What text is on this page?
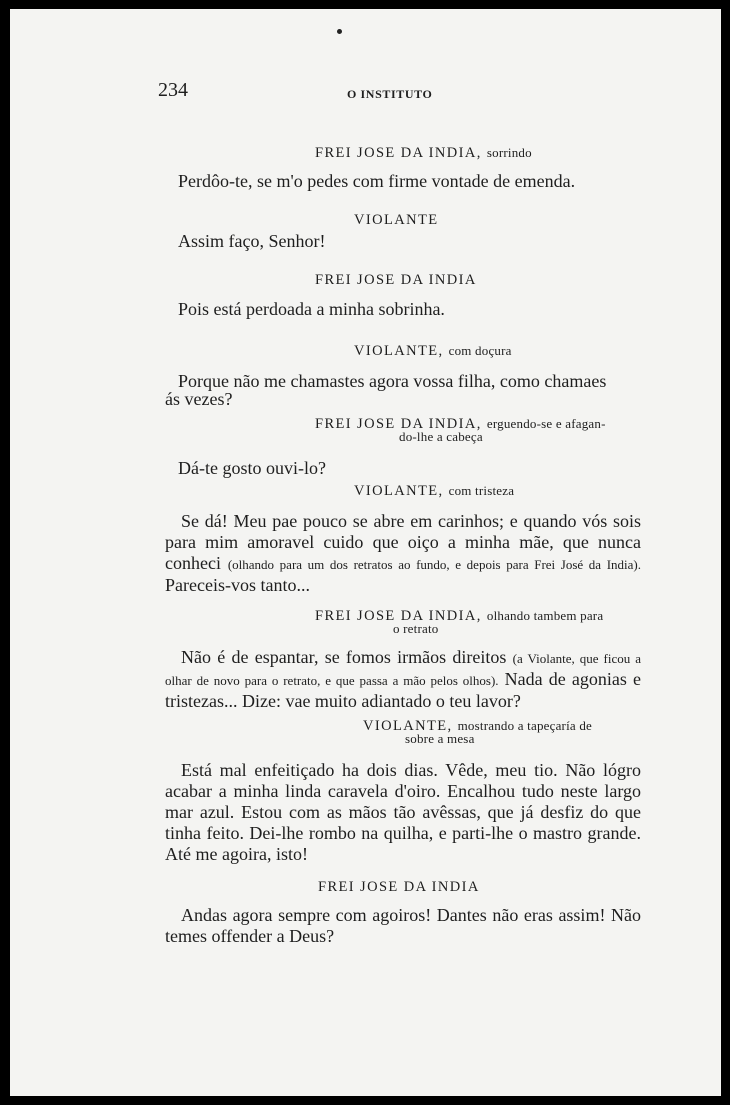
234	O INSTITUTO
FREI JOSE DA INDIA, sorrindo
Perdôo-te, se m'o pedes com firme vontade de emenda.
VIOLANTE
Assim faço, Senhor!
FREI JOSE DA INDIA
Pois está perdoada a minha sobrinha.
VIOLANTE, com doçura
Porque não me chamastes agora vossa filha, como chamaes
ás vezes?
FREI JOSE DA INDIA, erguendo-se e afagan-
do-lhe a cabeça
Dá-te gosto ouvi-lo?
VIOLANTE, com tristeza
Se dá! Meu pae pouco se abre em carinhos; e quando vós sois para mim amoravel cuido que oiço a minha mãe, que nunca conheci (olhando para um dos retratos ao fundo, e depois para Frei José da India). Pareceis-vos tanto...
FREI JOSE DA INDIA, olhando tambem para
o retrato
Não é de espantar, se fomos irmãos direitos (a Violante, que ficou a olhar de novo para o retrato, e que passa a mão pelos olhos). Nada de agonias e tristezas... Dize: vae muito adiantado o teu lavor?
VIOLANTE, mostrando a tapeçaría de
sobre a mesa
Está mal enfeitiçado ha dois dias. Vêde, meu tio. Não lógro acabar a minha linda caravela d'oiro. Encalhou tudo neste largo mar azul. Estou com as mãos tão avêssas, que já desfiz do que tinha feito. Dei-lhe rombo na quilha, e parti-lhe o mastro grande. Até me agoira, isto!
FREI JOSE DA INDIA
Andas agora sempre com agoiros! Dantes não eras assim! Não temes offender a Deus?
